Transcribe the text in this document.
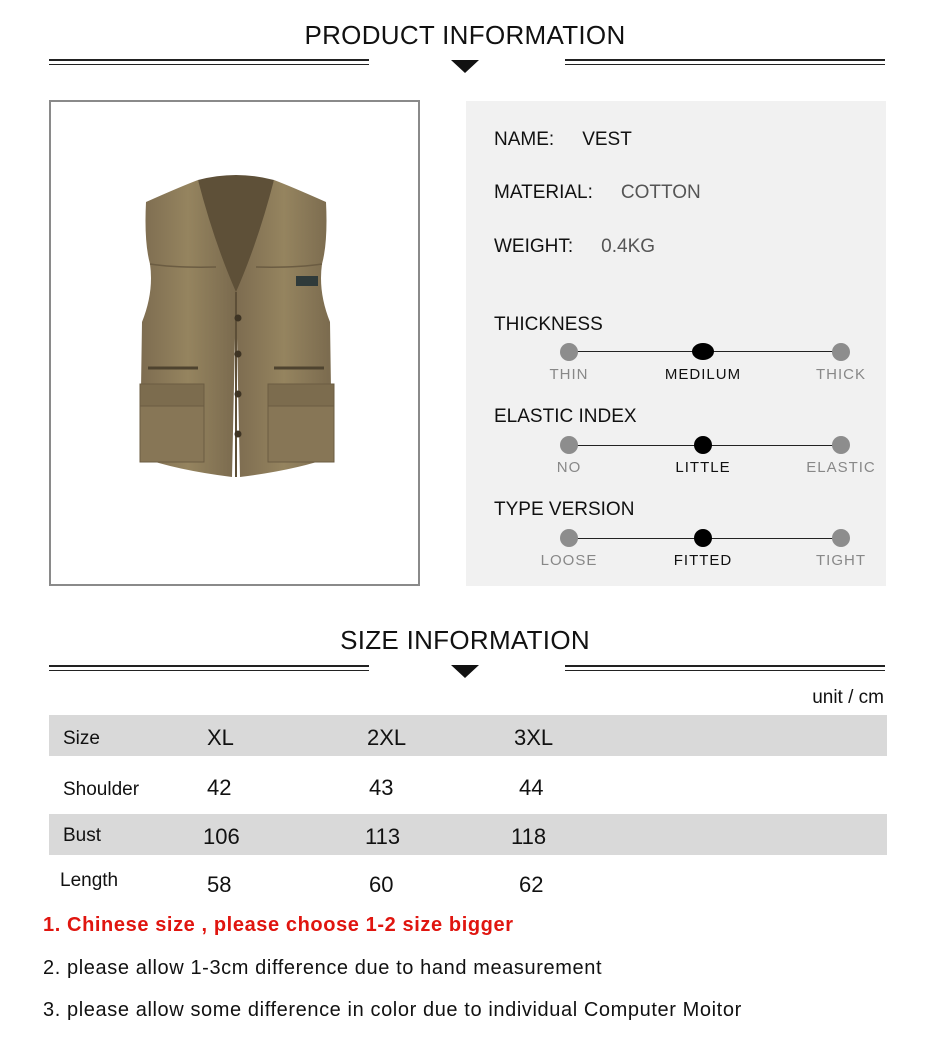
PRODUCT INFORMATION
NAME: VEST
MATERIAL: COTTON
WEIGHT: 0.4KG
THICKNESS
THIN	MEDILUM	THICK
ELASTIC INDEX
NO	LITTLE	ELASTIC
TYPE VERSION
LOOSE	FITTED	TIGHT
SIZE INFORMATION
unit / cm
Size	XL	2XL	3XL
Shoulder	42	43	44
Bust	106	113	118
Length	58	60	62
1. Chinese size , please choose 1-2 size bigger
2. please allow 1-3cm difference due to hand measurement
3. please allow some difference in color due to individual Computer Moitor
